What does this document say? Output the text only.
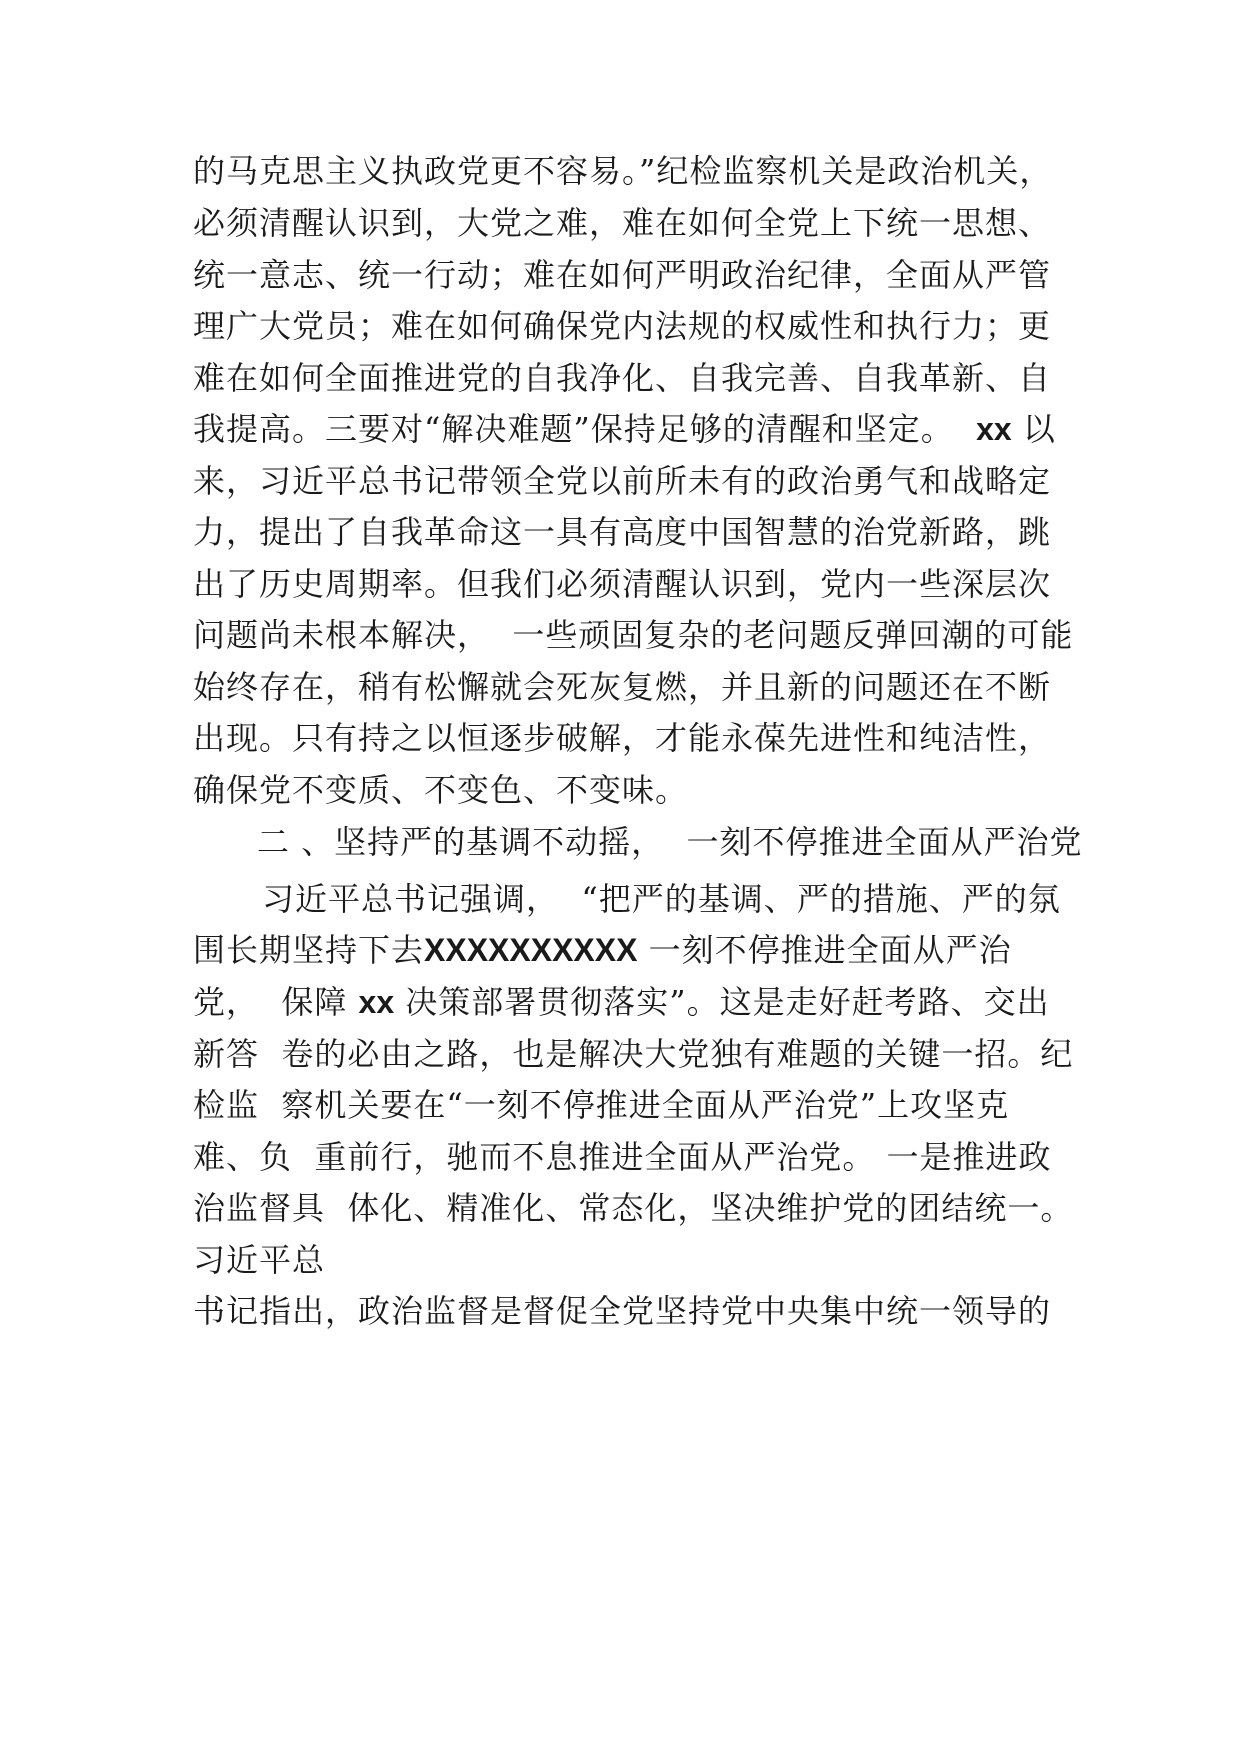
的马克思主义执政党更不容易。”纪检监察机关是政治机关，
必须清醒认识到，大党之难，难在如何全党上下统一思想、
统一意志、统一行动；难在如何严明政治纪律，全面从严管
理广大党员；难在如何确保党内法规的权威性和执行力；更
难在如何全面推进党的自我净化、自我完善、自我革新、自
我提高。三要对“解决难题”保持足够的清醒和坚定。 xx 以
来，习近平总书记带领全党以前所未有的政治勇气和战略定
力，提出了自我革命这一具有高度中国智慧的治党新路，跳
出了历史周期率。但我们必须清醒认识到，党内一些深层次
问题尚未根本解决，  一些顽固复杂的老问题反弹回潮的可能
始终存在，稍有松懈就会死灰复燃，并且新的问题还在不断
出现。只有持之以恒逐步破解，才能永葆先进性和纯洁性，
确保党不变质、不变色、不变味。
二 、坚持严的基调不动摇，  一刻不停推进全面从严治党
习近平总书记强调，  “把严的基调、严的措施、严的氛
围长期坚持下去XXXXXXXXXX 一刻不停推进全面从严治
党，  保障 xx 决策部署贯彻落实”。这是走好赶考路、交出
新答  卷的必由之路，也是解决大党独有难题的关键一招。纪
检监  察机关要在“一刻不停推进全面从严治党”上攻坚克
难、负  重前行，驰而不息推进全面从严治党。 一是推进政
治监督具  体化、精准化、常态化，坚决维护党的团结统一。
习近平总
书记指出，政治监督是督促全党坚持党中央集中统一领导的
